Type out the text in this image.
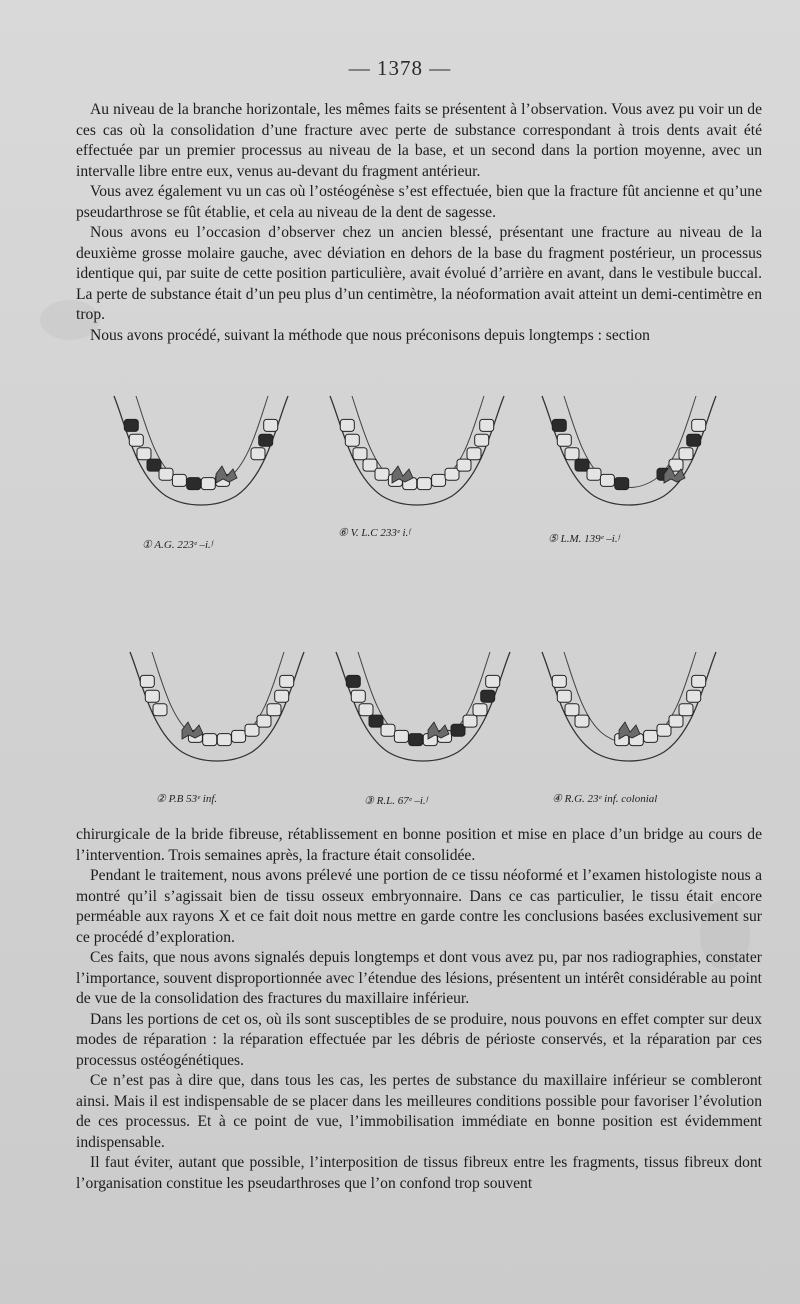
— 1378 —

Au niveau de la branche horizontale, les mêmes faits se présentent à l’observation. Vous avez pu voir un de ces cas où la consolidation d’une fracture avec perte de substance correspondant à trois dents avait été effectuée par un premier processus au niveau de la base, et un second dans la portion moyenne, avec un intervalle libre entre eux, venus au-devant du fragment antérieur.

Vous avez également vu un cas où l’ostéogénèse s’est effectuée, bien que la fracture fût ancienne et qu’une pseudarthrose se fût établie, et cela au niveau de la dent de sagesse.

Nous avons eu l’occasion d’observer chez un ancien blessé, présentant une fracture au niveau de la deuxième grosse molaire gauche, avec déviation en dehors de la base du fragment postérieur, un processus identique qui, par suite de cette position particulière, avait évolué d’arrière en avant, dans le vestibule buccal. La perte de substance était d’un peu plus d’un centimètre, la néoformation avait atteint un demi-centimètre en trop.

Nous avons procédé, suivant la méthode que nous préconisons depuis longtemps : section

① A.G. 223ᵉ –i.ᶠ
⑥ V. L.C 233ᵉ i.ᶠ	⑤ L.M. 139ᵉ –i.ᶠ
② P.B 53ᵉ inf.	③ R.L. 67ᵉ –i.ᶠ	④ R.G. 23ᵉ inf. colonial

chirurgicale de la bride fibreuse, rétablissement en bonne position et mise en place d’un bridge au cours de l’intervention. Trois semaines après, la fracture était consolidée.

Pendant le traitement, nous avons prélevé une portion de ce tissu néoformé et l’examen histologiste nous a montré qu’il s’agissait bien de tissu osseux embryonnaire. Dans ce cas particulier, le tissu était encore perméable aux rayons X et ce fait doit nous mettre en garde contre les conclusions basées exclusivement sur ce procédé d’exploration.

Ces faits, que nous avons signalés depuis longtemps et dont vous avez pu, par nos radiographies, constater l’importance, souvent disproportionnée avec l’étendue des lésions, présentent un intérêt considérable au point de vue de la consolidation des fractures du maxillaire inférieur.

Dans les portions de cet os, où ils sont susceptibles de se produire, nous pouvons en effet compter sur deux modes de réparation : la réparation effectuée par les débris de périoste conservés, et la réparation par ces processus ostéogénétiques.

Ce n’est pas à dire que, dans tous les cas, les pertes de substance du maxillaire inférieur se combleront ainsi. Mais il est indispensable de se placer dans les meilleures conditions possible pour favoriser l’évolution de ces processus. Et à ce point de vue, l’immobilisation immédiate en bonne position est évidemment indispensable.

Il faut éviter, autant que possible, l’interposition de tissus fibreux entre les fragments, tissus fibreux dont l’organisation constitue les pseudarthroses que l’on confond trop souvent
